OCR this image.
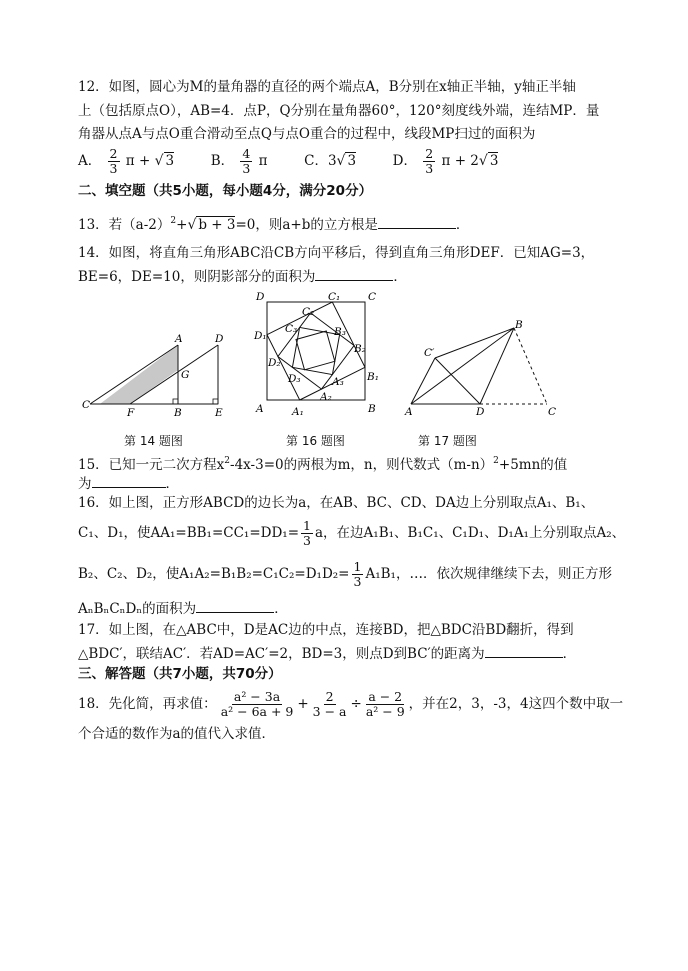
12．如图，圆心为M的量角器的直径的两个端点A，B分别在x轴正半轴，y轴正半轴
上（包括原点O），AB=4．点P，Q分别在量角器60°，120°刻度线外端，连结MP．量
角器从点A与点O重合滑动至点Q与点O重合的过程中，线段MP扫过的面积为
A． $\frac{2}{3}$ π + √ 3	B． $\frac{4}{3}$ π	C．3√ 3	D． $\frac{2}{3}$ π + 2√ 3
二、填空题（共5小题，每小题4分，满分20分）
13．若$(a-2)^2+√$ b + 3=0，则a+b的立方根是	．
14．如图，将直角三角形ABC沿CB方向平移后，得到直角三角形DEF．已知AG=3，
BE=6，DE=10，则阴影部分的面积为	．
C
F	B	E
A	D
G
D	C
A	B
A₁
B₁
C₁
D₁
A₂
B₂
C₂
D₂
A₃
B₃
C₃
D₃
A	D	C
B
C′
第 14 题图	第 16 题图	第 17 题图
15．已知一元二次方程$x^2-4x-3=0$的两根为m，n，则代数式$(m-n)^2+5mn$的值
为	．
16．如上图，正方形ABCD的边长为a，在AB、BC、CD、DA边上分别取点A₁、B₁、
C₁、D₁，使$AA_1=BB_1=CC_1=DD_1= \frac{1}{3}$ a，在边A₁B₁、B₁C₁、C₁D₁、D₁A₁上分别取点A₂、
B₂、C₂、D₂，使$A_1A_2=B_1B_2=C_1C_2=D_1D_2= \frac{1}{3} A_1B_1$，…．依次规律继续下去，则正方形
AₙBₙCₙDₙ的面积为	．
17．如上图，在△ABC中，D是AC边的中点，连接BD，把△BDC沿BD翻折，得到
△BDC′，联结AC′．若AD=AC′=2，BD=3，则点D到BC′的距离为	．
三、解答题（共7小题，共70分）
18．先化简，再求值： $\frac{\text{a² − 3a}}{\text{a² − 6a + 9}} + \frac{2}{3 - a} \div \frac{a - 2}{\text{a² − 9}}$ ，并在2，3，-3，4这四个数中取一
个合适的数作为a的值代入求值．
